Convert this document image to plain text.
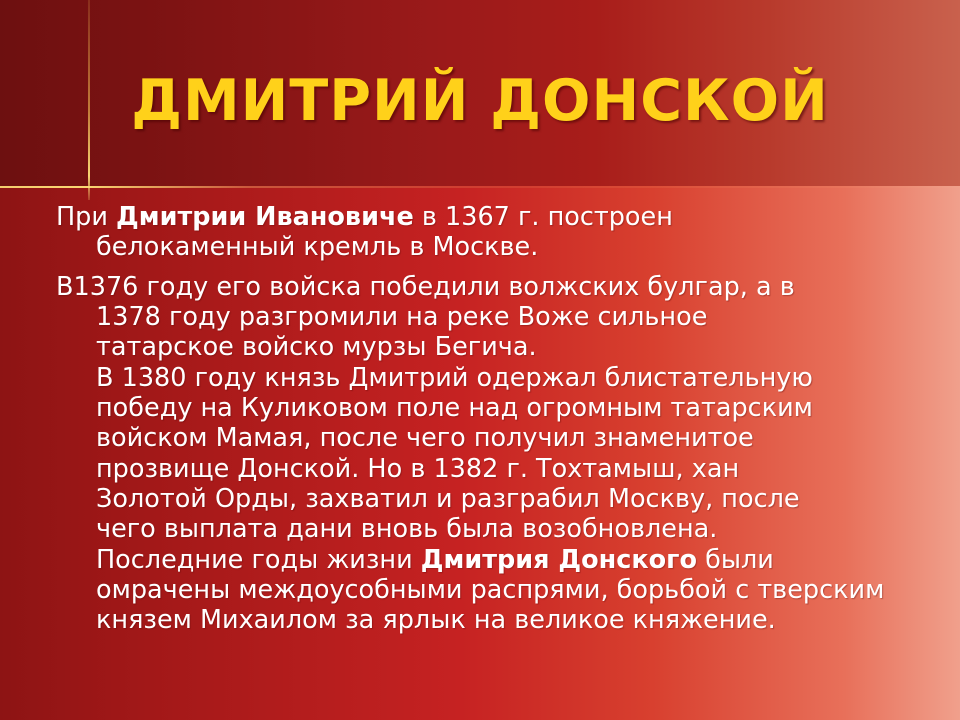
ДМИТРИЙ ДОНСКОЙ

При Дмитрии Ивановиче в 1367 г. построен
белокаменный кремль в Москве.

В1376 году его войска победили волжских булгар, а в
1378 году разгромили на реке Воже сильное
татарское войско мурзы Бегича.
В 1380 году князь Дмитрий одержал блистательную
победу на Куликовом поле над огромным татарским
войском Мамая, после чего получил знаменитое
прозвище Донской. Но в 1382 г. Тохтамыш, хан
Золотой Орды, захватил и разграбил Москву, после
чего выплата дани вновь была возобновлена.
Последние годы жизни Дмитрия Донского были омрачены междоусобными распрями, борьбой с тверским князем Михаилом за ярлык на великое княжение.
